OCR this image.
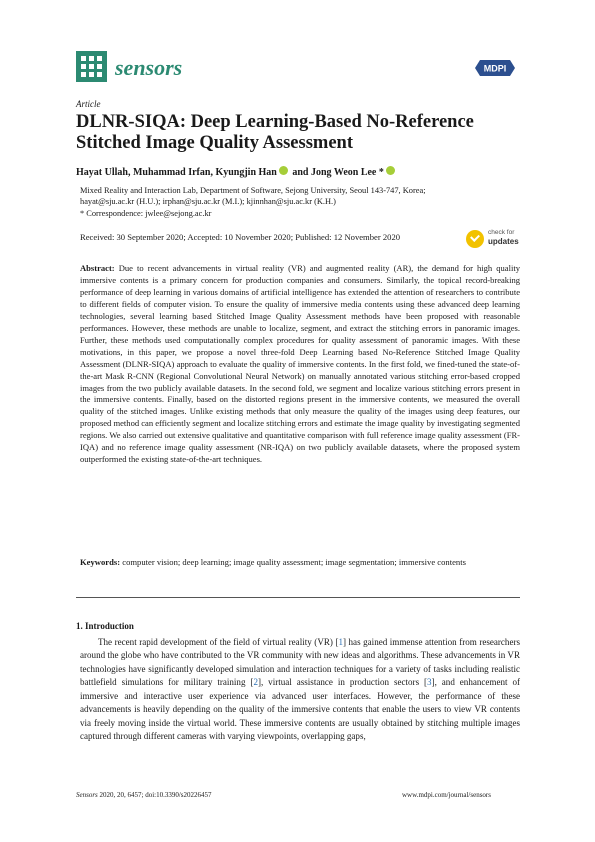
sensors	MDPI
Article
DLNR-SIQA: Deep Learning-Based No-Reference Stitched Image Quality Assessment
Hayat Ullah, Muhammad Irfan, Kyungjin Han and Jong Weon Lee *
Mixed Reality and Interaction Lab, Department of Software, Sejong University, Seoul 143-747, Korea;
hayat@sju.ac.kr (H.U.); irphan@sju.ac.kr (M.I.); kjinnhan@sju.ac.kr (K.H.)
* Correspondence: jwlee@sejong.ac.kr
Received: 30 September 2020; Accepted: 10 November 2020; Published: 12 November 2020	check for
updates
Abstract: Due to recent advancements in virtual reality (VR) and augmented reality (AR), the demand for high quality immersive contents is a primary concern for production companies and consumers. Similarly, the topical record-breaking performance of deep learning in various domains of artificial intelligence has extended the attention of researchers to contribute to different fields of computer vision. To ensure the quality of immersive media contents using these advanced deep learning technologies, several learning based Stitched Image Quality Assessment methods have been proposed with reasonable performances. However, these methods are unable to localize, segment, and extract the stitching errors in panoramic images. Further, these methods used computationally complex procedures for quality assessment of panoramic images. With these motivations, in this paper, we propose a novel three-fold Deep Learning based No-Reference Stitched Image Quality Assessment (DLNR-SIQA) approach to evaluate the quality of immersive contents. In the first fold, we fined-tuned the state-of-the-art Mask R-CNN (Regional Convolutional Neural Network) on manually annotated various stitching error-based cropped images from the two publicly available datasets. In the second fold, we segment and localize various stitching errors present in the immersive contents. Finally, based on the distorted regions present in the immersive contents, we measured the overall quality of the stitched images. Unlike existing methods that only measure the quality of the images using deep features, our proposed method can efficiently segment and localize stitching errors and estimate the image quality by investigating segmented regions. We also carried out extensive qualitative and quantitative comparison with full reference image quality assessment (FR-IQA) and no reference image quality assessment (NR-IQA) on two publicly available datasets, where the proposed system outperformed the existing state-of-the-art techniques.
Keywords: computer vision; deep learning; image quality assessment; image segmentation; immersive contents
1. Introduction

The recent rapid development of the field of virtual reality (VR) [1] has gained immense attention from researchers around the globe who have contributed to the VR community with new ideas and algorithms. These advancements in VR technologies have significantly developed simulation and interaction techniques for a variety of tasks including realistic battlefield simulations for military training [2], virtual assistance in production sectors [3], and enhancement of immersive and interactive user experience via advanced user interfaces. However, the performance of these advancements is heavily depending on the quality of the immersive contents that enable the users to view VR contents via freely moving inside the virtual world. These immersive contents are usually obtained by stitching multiple images captured through different cameras with varying viewpoints, overlapping gaps,

Sensors 2020, 20, 6457; doi:10.3390/s20226457	www.mdpi.com/journal/sensors
